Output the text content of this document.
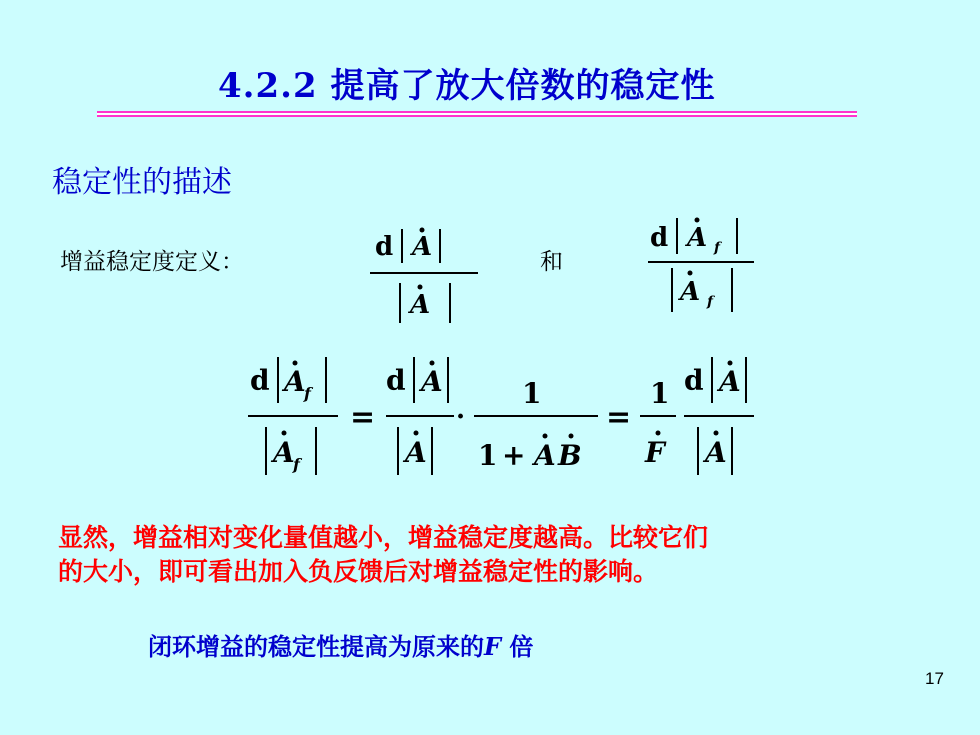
4.2.2 提高了放大倍数的稳定性
稳定性的描述
增益稳定度定义：	和
d A
A
d A f
A f
d A
f
A
f
=
d A
A
·
1
1 + A B
=
1
F
d A
A
显然，增益相对变化量值越小，增益稳定度越高。比较它们
的大小，即可看出加入负反馈后对增益稳定性的影响。
闭环增益的稳定性提高为原来的F 倍
17
